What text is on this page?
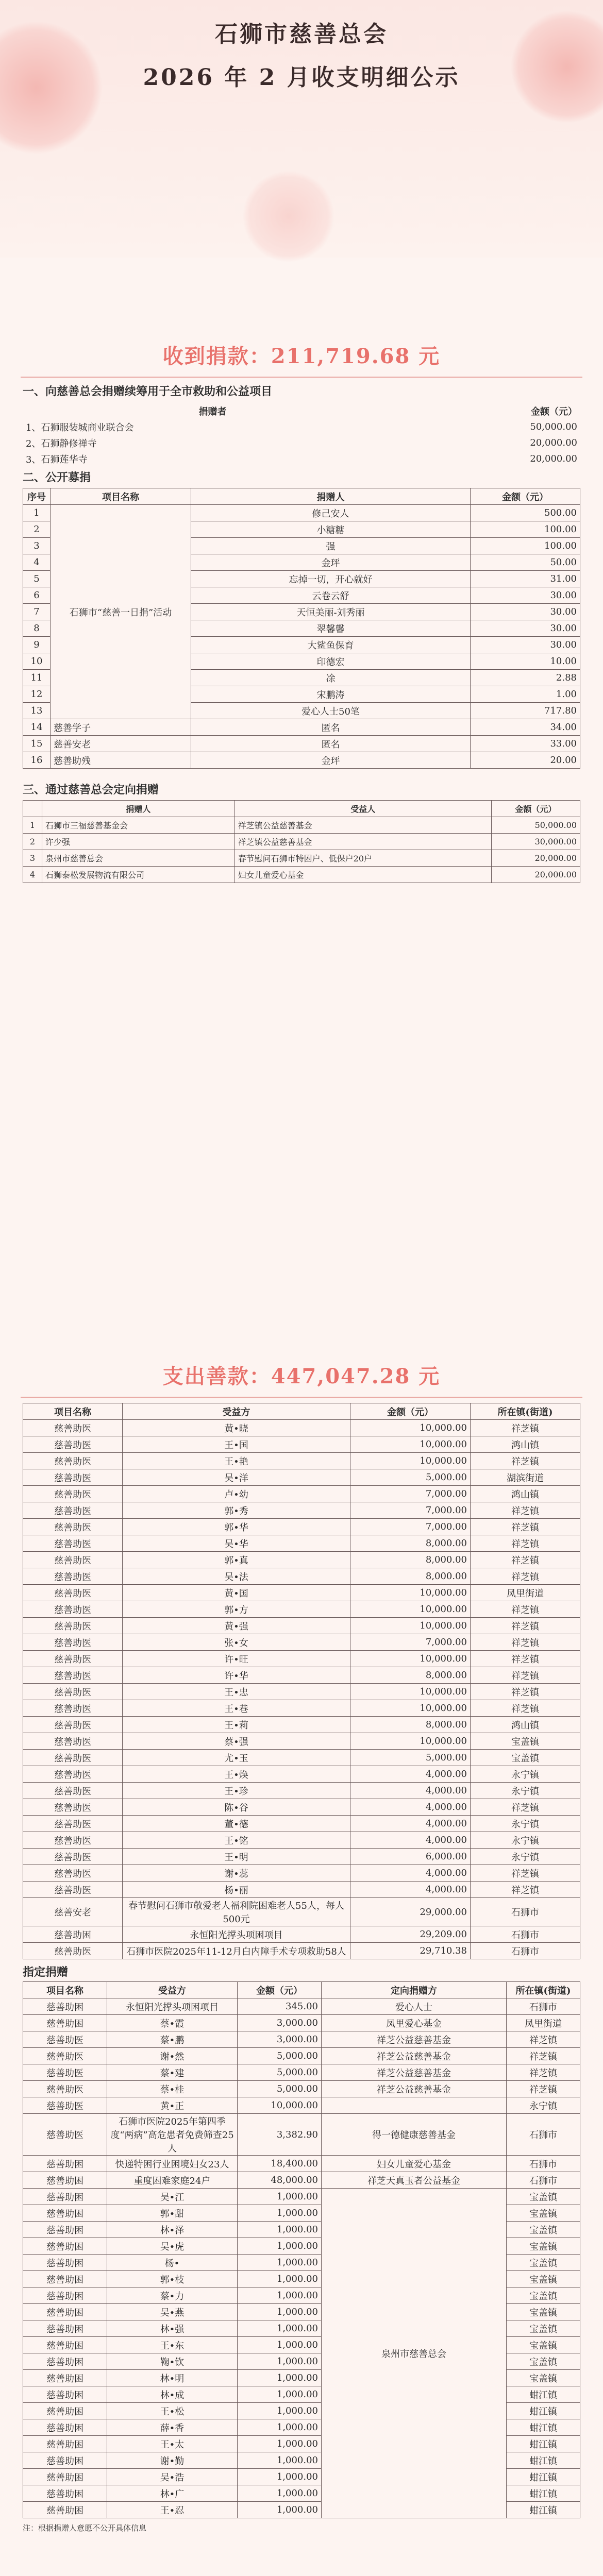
石狮市慈善总会
2026 年 2 月收支明细公示
收到捐款：211,719.68 元
一、向慈善总会捐赠续筹用于全市救助和公益项目
捐赠者	金额（元）
1、石狮服装城商业联合会	50,000.00
2、石狮静修禅寺	20,000.00
3、石狮莲华寺	20,000.00
二、公开募捐
序号	项目名称	捐赠人	金额（元）
1	石狮市“慈善一日捐”活动	修己安人	500.00
2		小糖糖	100.00
3		强	100.00
4		金玶	50.00
5		忘掉一切，开心就好	31.00
6		云卷云舒	30.00
7		天恒美丽-刘秀丽	30.00
8		翠馨馨	30.00
9		大鲨鱼保育	30.00
10		印德宏	10.00
11		凃	2.88
12		宋鹏涛	1.00
13		爱心人士50笔	717.80
14	慈善学子	匿名	34.00
15	慈善安老	匿名	33.00
16	慈善助残	金玶	20.00
三、通过慈善总会定向捐赠
	捐赠人	受益人	金额（元）
1	石狮市三福慈善基金会	祥芝镇公益慈善基金	50,000.00
2	许少强	祥芝镇公益慈善基金	30,000.00
3	泉州市慈善总会	春节慰问石狮市特困户、低保户20户	20,000.00
4	石狮泰松发展物流有限公司	妇女儿童爱心基金	20,000.00
支出善款：447,047.28 元
项目名称	受益方	金额（元）	所在镇(街道)
慈善助医	黄•晓	10,000.00	祥芝镇
慈善助医	王•国	10,000.00	鸿山镇
慈善助医	王•艳	10,000.00	祥芝镇
慈善助医	吴•洋	5,000.00	湖滨街道
慈善助医	卢•幼	7,000.00	鸿山镇
慈善助医	郭•秀	7,000.00	祥芝镇
慈善助医	郭•华	7,000.00	祥芝镇
慈善助医	吴•华	8,000.00	祥芝镇
慈善助医	郭•真	8,000.00	祥芝镇
慈善助医	吴•法	8,000.00	祥芝镇
慈善助医	黄•国	10,000.00	凤里街道
慈善助医	郭•方	10,000.00	祥芝镇
慈善助医	黄•强	10,000.00	祥芝镇
慈善助医	张•女	7,000.00	祥芝镇
慈善助医	许•旺	10,000.00	祥芝镇
慈善助医	许•华	8,000.00	祥芝镇
慈善助医	王•忠	10,000.00	祥芝镇
慈善助医	王•巷	10,000.00	祥芝镇
慈善助医	王•莉	8,000.00	鸿山镇
慈善助医	蔡•强	10,000.00	宝盖镇
慈善助医	尤•玉	5,000.00	宝盖镇
慈善助医	王•焕	4,000.00	永宁镇
慈善助医	王•珍	4,000.00	永宁镇
慈善助医	陈•谷	4,000.00	祥芝镇
慈善助医	董•德	4,000.00	永宁镇
慈善助医	王•铭	4,000.00	永宁镇
慈善助医	王•明	6,000.00	永宁镇
慈善助医	谢•蕊	4,000.00	祥芝镇
慈善助医	杨•丽	4,000.00	祥芝镇
慈善安老	春节慰问石狮市敬爱老人福利院困难老人55人，每人500元	29,000.00	石狮市
慈善助困	永恒阳光撑头项困项目	29,209.00	石狮市
慈善助医	石狮市医院2025年11-12月白内障手术专项救助58人	29,710.38	石狮市
指定捐赠
项目名称	受益方	金额（元）	定向捐赠方	所在镇(街道)
慈善助困	永恒阳光撑头项困项目	345.00	爱心人士	石狮市
慈善助困	蔡•霞	3,000.00	凤里爱心基金	凤里街道
慈善助医	蔡•鹏	3,000.00	祥芝公益慈善基金	祥芝镇
慈善助医	谢•然	5,000.00	祥芝公益慈善基金	祥芝镇
慈善助医	蔡•建	5,000.00	祥芝公益慈善基金	祥芝镇
慈善助医	蔡•桂	5,000.00	祥芝公益慈善基金	祥芝镇
慈善助医	黄•正	10,000.00		永宁镇
慈善助医	石狮市医院2025年第四季度“两病”高危患者免费筛查25人	3,382.90	得一德健康慈善基金	石狮市
慈善助困	快递特困行业困境妇女23人	18,400.00	妇女儿童爱心基金	石狮市
慈善助困	重度困难家庭24户	48,000.00	祥芝天真玉者公益基金	石狮市
慈善助困	吴•江	1,000.00	泉州市慈善总会	宝盖镇
慈善助困	郭•甜	1,000.00		宝盖镇
慈善助困	林•泽	1,000.00		宝盖镇
慈善助困	吴•虎	1,000.00		宝盖镇
慈善助困	杨•	1,000.00		宝盖镇
慈善助困	郭•枝	1,000.00		宝盖镇
慈善助困	蔡•力	1,000.00		宝盖镇
慈善助困	吴•燕	1,000.00		宝盖镇
慈善助困	林•强	1,000.00		宝盖镇
慈善助困	王•东	1,000.00		宝盖镇
慈善助困	鞠•钦	1,000.00		宝盖镇
慈善助困	林•明	1,000.00		宝盖镇
慈善助困	林•成	1,000.00		蚶江镇
慈善助困	王•松	1,000.00		蚶江镇
慈善助困	薛•香	1,000.00		蚶江镇
慈善助困	王•太	1,000.00		蚶江镇
慈善助困	谢•勤	1,000.00		蚶江镇
慈善助困	吴•浩	1,000.00		蚶江镇
慈善助困	林•广	1,000.00		蚶江镇
慈善助困	王•忍	1,000.00		蚶江镇
注：根据捐赠人意愿不公开具体信息
